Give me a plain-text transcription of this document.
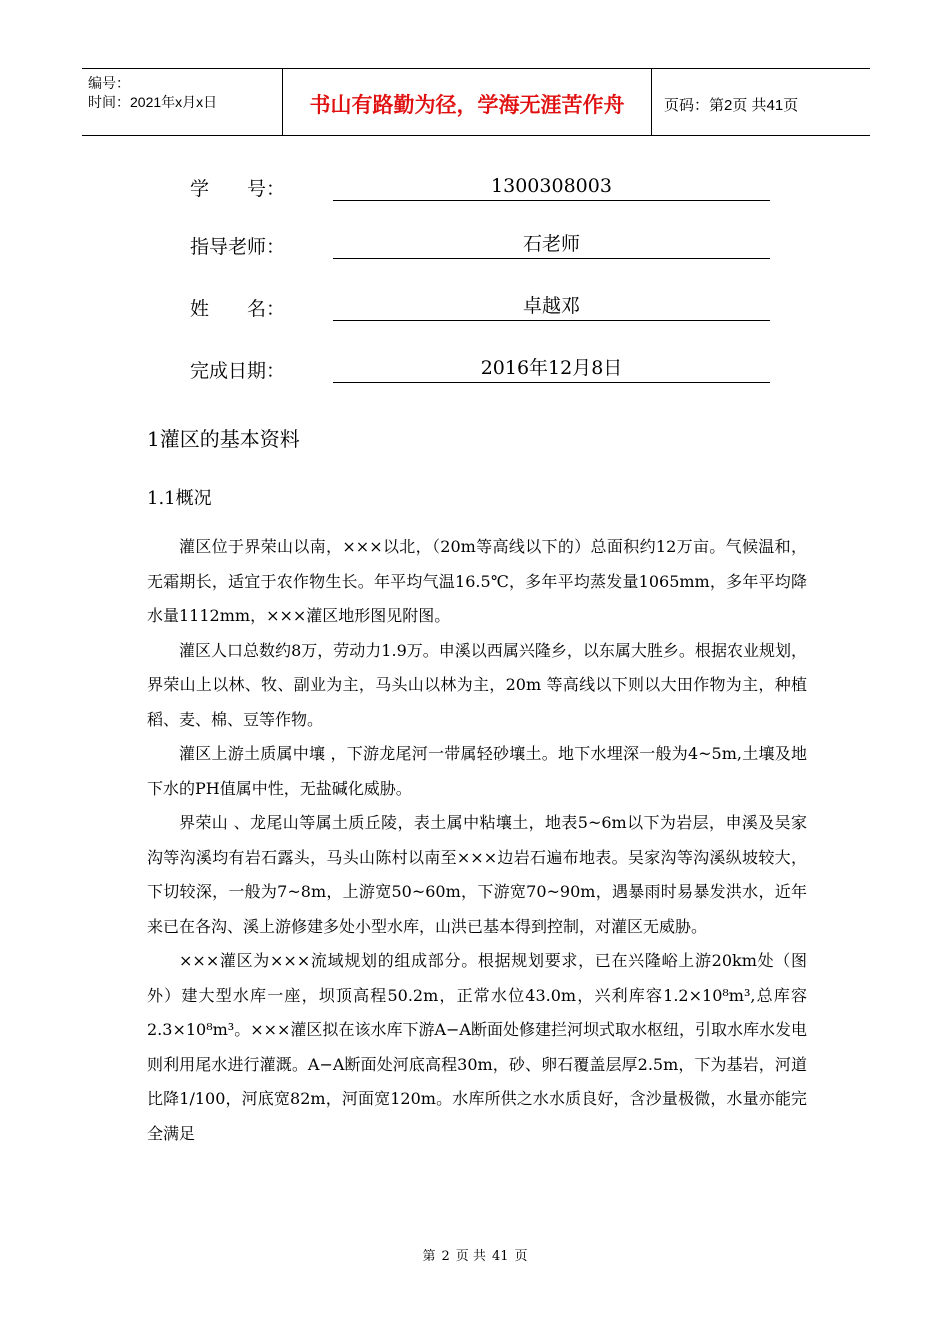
编号：
时间：2021年x月x日	书山有路勤为径，学海无涯苦作舟	页码：第2页 共41页
学　　号：	1300308003
指导老师：	石老师
姓　　名：	卓越邓
完成日期：	2016年12月8日
1灌区的基本资料
1.1概况

灌区位于界荣山以南，×××以北，（20m等高线以下的）总面积约12万亩。气候温和，无霜期长，适宜于农作物生长。年平均气温16.5℃，多年平均蒸发量1065mm，多年平均降水量1112mm，×××灌区地形图见附图。

灌区人口总数约8万，劳动力1.9万。申溪以西属兴隆乡，以东属大胜乡。根据农业规划，界荣山上以林、牧、副业为主，马头山以林为主，20m 等高线以下则以大田作物为主，种植稻、麦、棉、豆等作物。

灌区上游土质属中壤 ，下游龙尾河一带属轻砂壤土。地下水埋深一般为4~5m,土壤及地下水的PH值属中性，无盐碱化威胁。

界荣山 、龙尾山等属土质丘陵，表土属中粘壤土，地表5~6m以下为岩层，申溪及吴家沟等沟溪均有岩石露头，马头山陈村以南至×××边岩石遍布地表。吴家沟等沟溪纵坡较大，下切较深，一般为7~8m，上游宽50~60m，下游宽70~90m，遇暴雨时易暴发洪水，近年来已在各沟、溪上游修建多处小型水库，山洪已基本得到控制，对灌区无威胁。

×××灌区为×××流域规划的组成部分。根据规划要求，已在兴隆峪上游20km处（图外）建大型水库一座，坝顶高程50.2m，正常水位43.0m，兴利库容1.2×10⁸m³,总库容2.3×10⁸m³。×××灌区拟在该水库下游A−A断面处修建拦河坝式取水枢纽，引取水库水发电则利用尾水进行灌溉。A−A断面处河底高程30m，砂、卵石覆盖层厚2.5m，下为基岩，河道比降1/100，河底宽82m，河面宽120m。水库所供之水水质良好，含沙量极微，水量亦能完全满足

第 2 页 共 41 页
